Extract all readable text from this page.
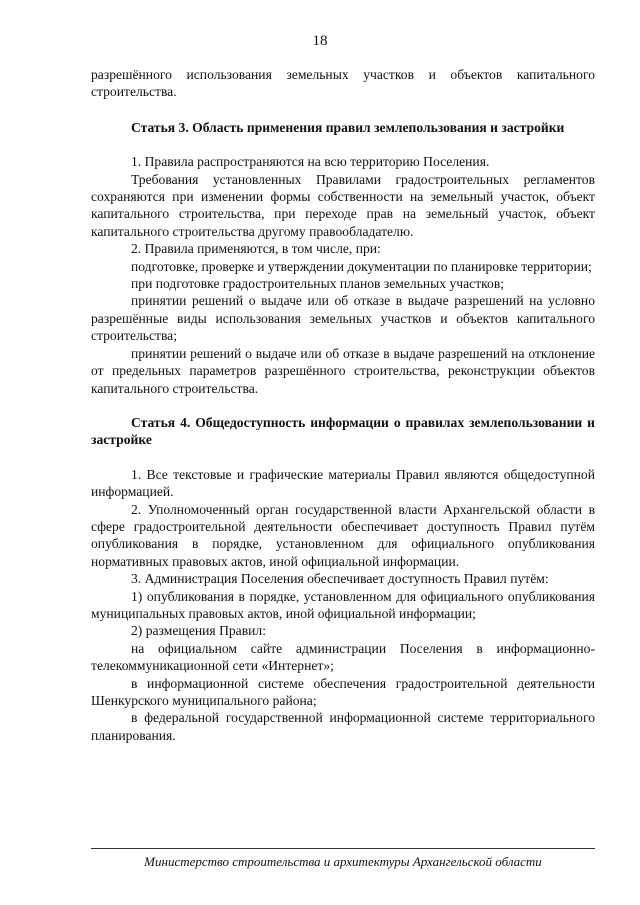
18

разрешённого использования земельных участков и объектов капитального строительства.

Статья 3. Область применения правил землепользования и застройки

1. Правила распространяются на всю территорию Поселения.

Требования установленных Правилами градостроительных регламентов сохраняются при изменении формы собственности на земельный участок, объект капитального строительства, при переходе прав на земельный участок, объект капитального строительства другому правообладателю.

2. Правила применяются, в том числе, при:

подготовке, проверке и утверждении документации по планировке территории;

при подготовке градостроительных планов земельных участков;

принятии решений о выдаче или об отказе в выдаче разрешений на условно разрешённые виды использования земельных участков и объектов капитального строительства;

принятии решений о выдаче или об отказе в выдаче разрешений на отклонение от предельных параметров разрешённого строительства, реконструкции объектов капитального строительства.

Статья 4. Общедоступность информации о правилах землепользовании и застройке

1. Все текстовые и графические материалы Правил являются общедоступной информацией.

2. Уполномоченный орган государственной власти Архангельской области в сфере градостроительной деятельности обеспечивает доступность Правил путём опубликования в порядке, установленном для официального опубликования нормативных правовых актов, иной официальной информации.

3. Администрация Поселения обеспечивает доступность Правил путём:

1) опубликования в порядке, установленном для официального опубликования муниципальных правовых актов, иной официальной информации;

2) размещения Правил:

на официальном сайте администрации Поселения в информационно-телекоммуникационной сети «Интернет»;

в информационной системе обеспечения градостроительной деятельности Шенкурского муниципального района;

в федеральной государственной информационной системе территориального планирования.

Министерство строительства и архитектуры Архангельской области
